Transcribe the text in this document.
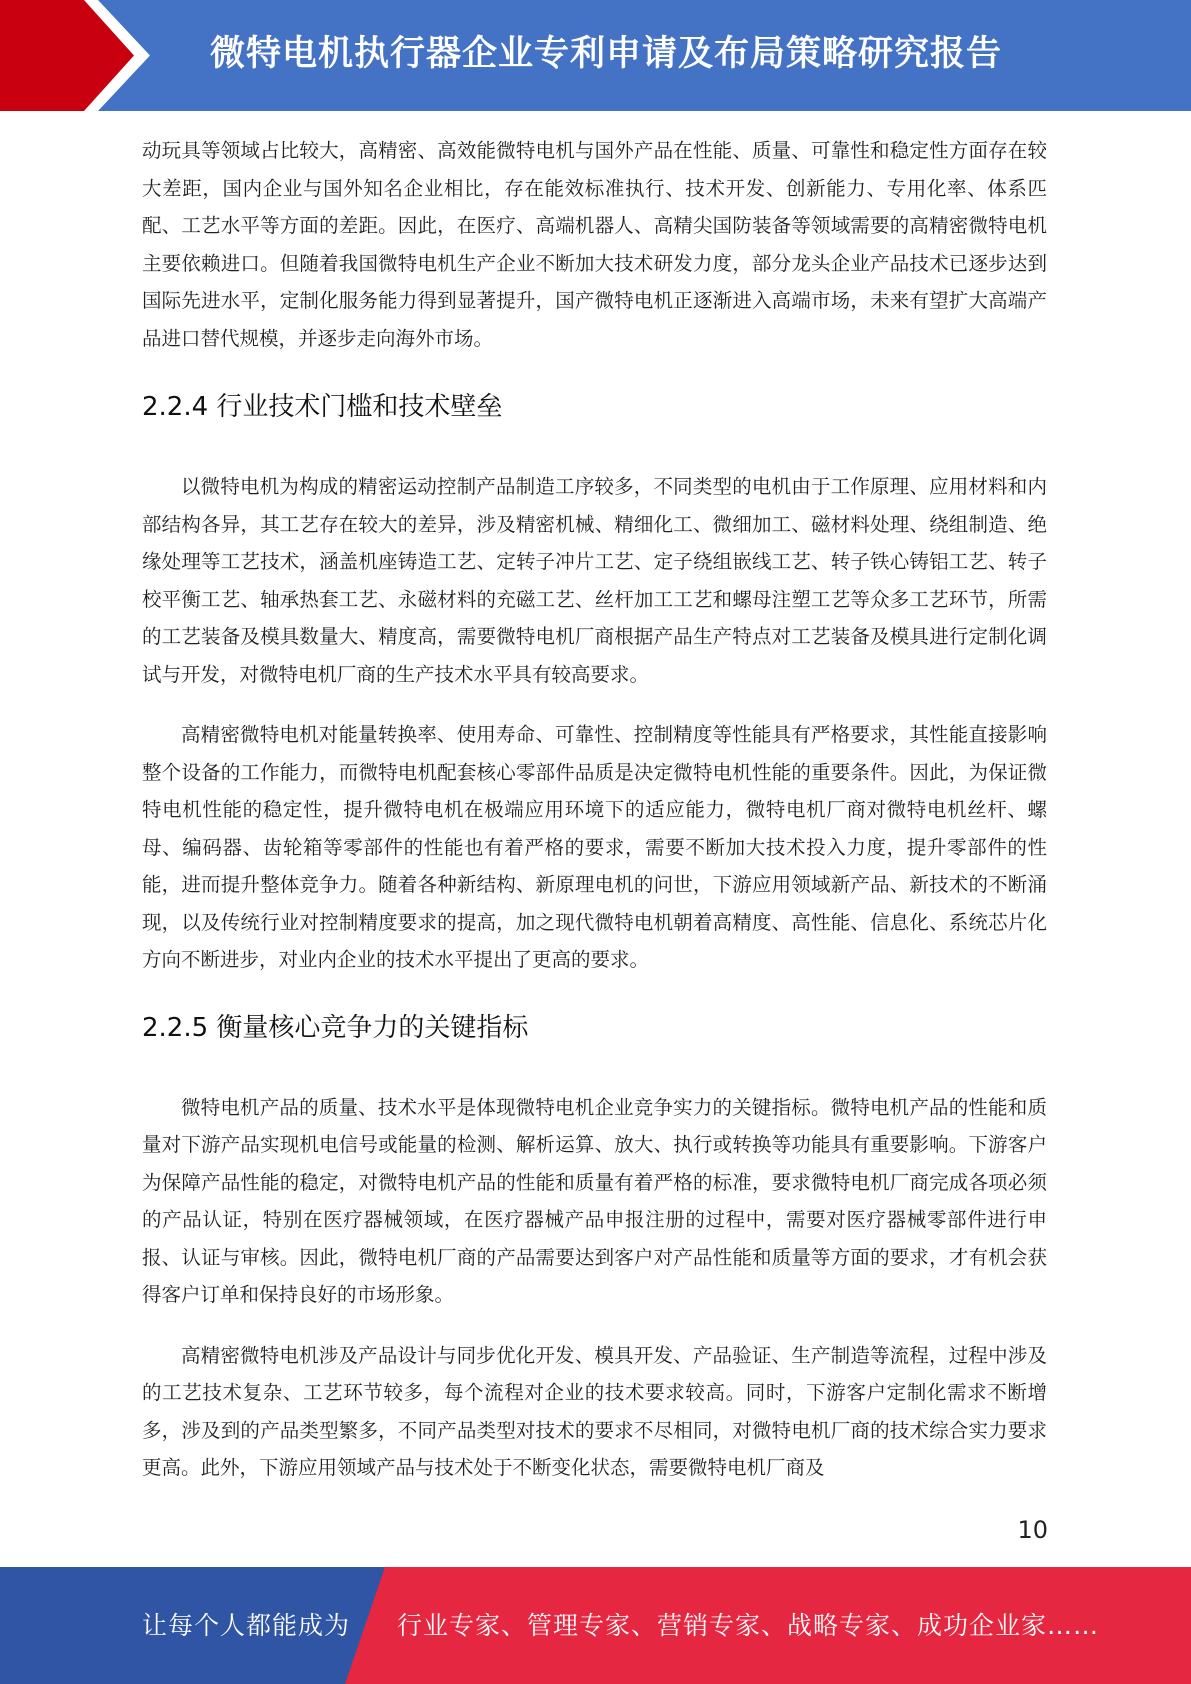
微特电机执行器企业专利申请及布局策略研究报告

动玩具等领域占比较大，高精密、高效能微特电机与国外产品在性能、质量、可靠性和稳定性方面存在较大差距，国内企业与国外知名企业相比，存在能效标准执行、技术开发、创新能力、专用化率、体系匹配、工艺水平等方面的差距。因此，在医疗、高端机器人、高精尖国防装备等领域需要的高精密微特电机主要依赖进口。但随着我国微特电机生产企业不断加大技术研发力度，部分龙头企业产品技术已逐步达到国际先进水平，定制化服务能力得到显著提升，国产微特电机正逐渐进入高端市场，未来有望扩大高端产品进口替代规模，并逐步走向海外市场。

2.2.4 行业技术门槛和技术壁垒

以微特电机为构成的精密运动控制产品制造工序较多，不同类型的电机由于工作原理、应用材料和内部结构各异，其工艺存在较大的差异，涉及精密机械、精细化工、微细加工、磁材料处理、绕组制造、绝缘处理等工艺技术，涵盖机座铸造工艺、定转子冲片工艺、定子绕组嵌线工艺、转子铁心铸铝工艺、转子校平衡工艺、轴承热套工艺、永磁材料的充磁工艺、丝杆加工工艺和螺母注塑工艺等众多工艺环节，所需的工艺装备及模具数量大、精度高，需要微特电机厂商根据产品生产特点对工艺装备及模具进行定制化调试与开发，对微特电机厂商的生产技术水平具有较高要求。

高精密微特电机对能量转换率、使用寿命、可靠性、控制精度等性能具有严格要求，其性能直接影响整个设备的工作能力，而微特电机配套核心零部件品质是决定微特电机性能的重要条件。因此，为保证微特电机性能的稳定性，提升微特电机在极端应用环境下的适应能力，微特电机厂商对微特电机丝杆、螺母、编码器、齿轮箱等零部件的性能也有着严格的要求，需要不断加大技术投入力度，提升零部件的性能，进而提升整体竞争力。随着各种新结构、新原理电机的问世，下游应用领域新产品、新技术的不断涌现，以及传统行业对控制精度要求的提高，加之现代微特电机朝着高精度、高性能、信息化、系统芯片化方向不断进步，对业内企业的技术水平提出了更高的要求。

2.2.5 衡量核心竞争力的关键指标

微特电机产品的质量、技术水平是体现微特电机企业竞争实力的关键指标。微特电机产品的性能和质量对下游产品实现机电信号或能量的检测、解析运算、放大、执行或转换等功能具有重要影响。下游客户为保障产品性能的稳定，对微特电机产品的性能和质量有着严格的标准，要求微特电机厂商完成各项必须的产品认证，特别在医疗器械领域，在医疗器械产品申报注册的过程中，需要对医疗器械零部件进行申报、认证与审核。因此，微特电机厂商的产品需要达到客户对产品性能和质量等方面的要求，才有机会获得客户订单和保持良好的市场形象。

高精密微特电机涉及产品设计与同步优化开发、模具开发、产品验证、生产制造等流程，过程中涉及的工艺技术复杂、工艺环节较多，每个流程对企业的技术要求较高。同时，下游客户定制化需求不断增多，涉及到的产品类型繁多，不同产品类型对技术的要求不尽相同，对微特电机厂商的技术综合实力要求更高。此外，下游应用领域产品与技术处于不断变化状态，需要微特电机厂商及

10
让每个人都能成为 行业专家、管理专家、营销专家、战略专家、成功企业家……
